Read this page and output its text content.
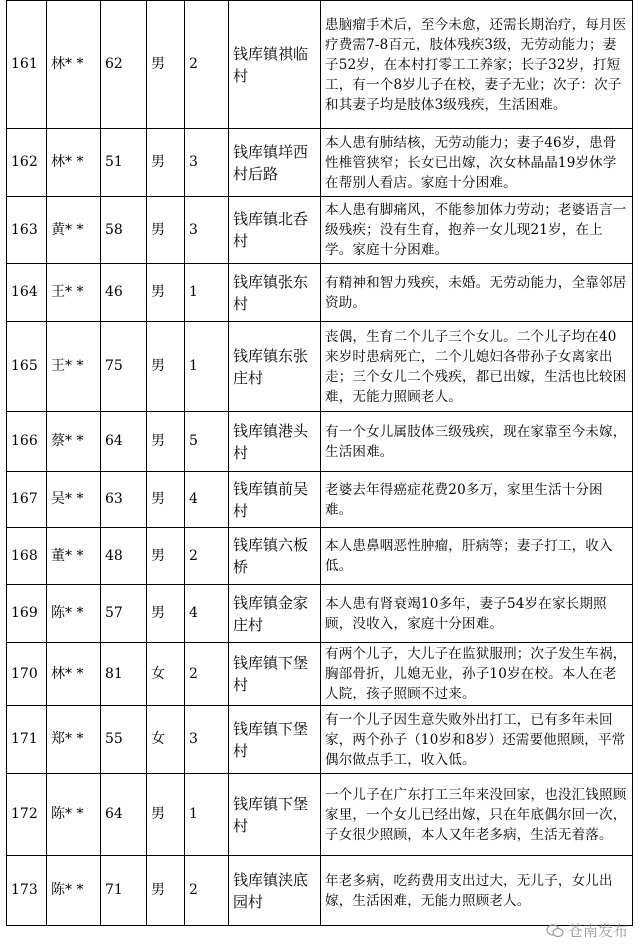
161	林* *	62	男	2	钱库镇祺临村	患脑瘤手术后，至今未愈，还需长期治疗，每月医疗费需7-8百元，肢体残疾3级，无劳动能力；妻子52岁，在本村打零工工养家；长子32岁，打短工，有一个8岁儿子在校，妻子无业；次子：次子和其妻子均是肢体3级残疾，生活困难。
162	林* *	51	男	3	钱库镇垟西村后路	本人患有肺结核，无劳动能力；妻子46岁，患骨性椎管狭窄；长女已出嫁，次女林晶晶19岁休学在帮别人看店。家庭十分困难。
163	黄* *	58	男	3	钱库镇北呑村	本人患有脚痛风，不能参加体力劳动；老婆语言一级残疾；没有生育，抱养一女儿现21岁，在上学。家庭十分困难。
164	王* *	46	男	1	钱库镇张东村	有精神和智力残疾，未婚。无劳动能力，全靠邻居资助。
165	王* *	75	男	1	钱库镇东张庄村	丧偶，生育二个儿子三个女儿。二个儿子均在40来岁时患病死亡，二个儿媳妇各带孙子女离家出走；三个女儿二个残疾，都已出嫁，生活也比较困难，无能力照顾老人。
166	蔡* *	64	男	5	钱库镇港头村	有一个女儿属肢体三级残疾，现在家靠至今未嫁，生活困难。
167	吴* *	63	男	4	钱库镇前吴村	老婆去年得癌症花费20多万，家里生活十分困难。
168	董* *	48	男	2	钱库镇六板桥	本人患鼻咽恶性肿瘤，肝病等；妻子打工，收入低。
169	陈* *	57	男	4	钱库镇金家庄村	本人患有肾衰竭10多年，妻子54岁在家长期照顾，没收入，家庭十分困难。
170	林* *	81	女	2	钱库镇下堡村	有两个儿子，大儿子在监狱服刑；次子发生车祸，胸部骨折，儿媳无业，孙子10岁在校。本人在老人院，孩子照顾不过来。
171	郑* *	55	女	3	钱库镇下堡村	有一个儿子因生意失败外出打工，已有多年未回家，两个孙子（10岁和8岁）还需要他照顾，平常偶尔做点手工，收入低。
172	陈* *	64	男	1	钱库镇下堡村	一个儿子在广东打工三年来没回家，也没汇钱照顾家里，一个女儿已经出嫁，只在年底偶尔回一次，子女很少照顾，本人又年老多病，生活无着落。
173	陈* *	71	男	2	钱库镇浃底园村	年老多病，吃药费用支出过大，无儿子，女儿出嫁，生活困难，无能力照顾老人。
苍南发布
